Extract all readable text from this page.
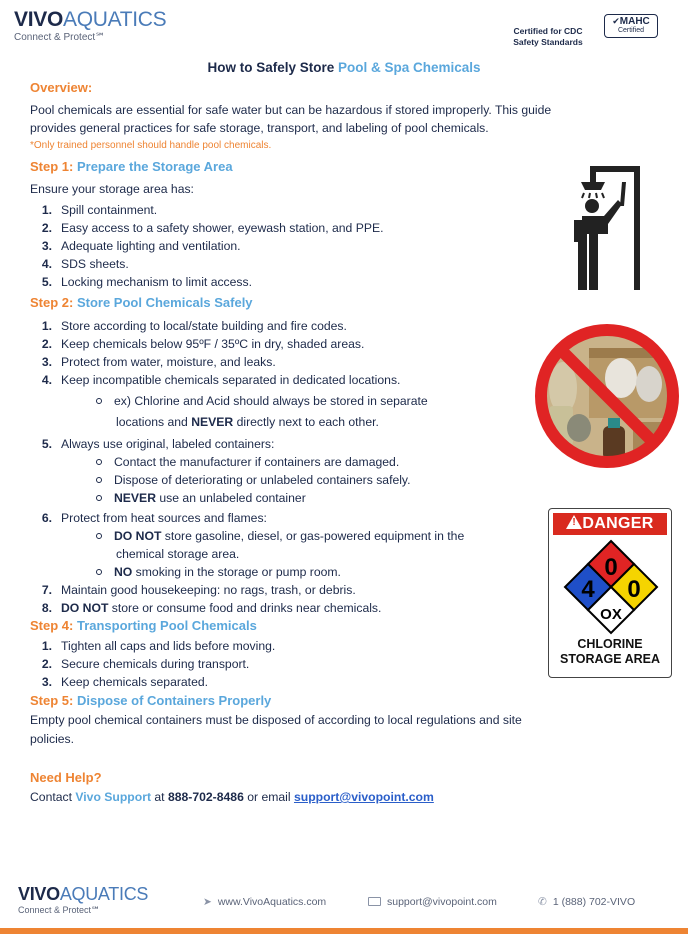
VIVOAQUATICS
Connect & Protect℠
Certified for CDC
Safety Standards
✔MAHC
Certified
How to Safely Store Pool & Spa Chemicals
Overview:
Pool chemicals are essential for safe water but can be hazardous if stored improperly. This guide
provides general practices for safe storage, transport, and labeling of pool chemicals.
*Only trained personnel should handle pool chemicals.
Step 1: Prepare the Storage Area
Ensure your storage area has:
1. Spill containment.
2. Easy access to a safety shower, eyewash station, and PPE.
3. Adequate lighting and ventilation.
4. SDS sheets.
5. Locking mechanism to limit access.
Step 2: Store Pool Chemicals Safely
1. Store according to local/state building and fire codes.
2. Keep chemicals below 95ºF / 35ºC in dry, shaded areas.
3. Protect from water, moisture, and leaks.
4. Keep incompatible chemicals separated in dedicated locations.
ex) Chlorine and Acid should always be stored in separate
locations and NEVER directly next to each other.
5. Always use original, labeled containers:
Contact the manufacturer if containers are damaged.
Dispose of deteriorating or unlabeled containers safely.
NEVER use an unlabeled container
6. Protect from heat sources and flames:
DO NOT store gasoline, diesel, or gas-powered equipment in the
chemical storage area.
NO smoking in the storage or pump room.
7. Maintain good housekeeping: no rags, trash, or debris.
8. DO NOT store or consume food and drinks near chemicals.
! DANGER
0
4 0
OX
CHLORINE
STORAGE AREA
Step 4: Transporting Pool Chemicals
1. Tighten all caps and lids before moving.
2. Secure chemicals during transport.
3. Keep chemicals separated.
Step 5: Dispose of Containers Properly
Empty pool chemical containers must be disposed of according to local regulations and site
policies.
Need Help?
Contact Vivo Support at 888-702-8486 or email support@vivopoint.com
VIVOAQUATICS
Connect & Protect℠
➤ www.VivoAquatics.com	support@vivopoint.com	✆ 1 (888) 702-VIVO
